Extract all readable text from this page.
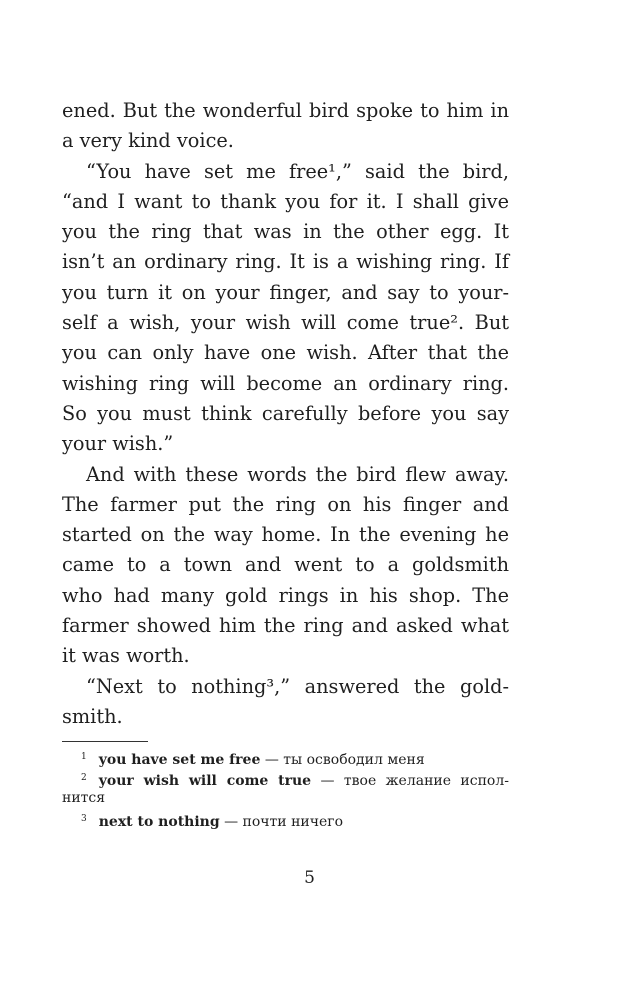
ened. But the wonderful bird spoke to him in
a very kind voice.
“You have set me free¹,” said the bird,
“and I want to thank you for it. I shall give
you the ring that was in the other egg. It
isn’t an ordinary ring. It is a wishing ring. If
you turn it on your finger, and say to your-
self a wish, your wish will come true². But
you can only have one wish. After that the
wishing ring will become an ordinary ring.
So you must think carefully before you say
your wish.”
And with these words the bird flew away.
The farmer put the ring on his finger and
started on the way home. In the evening he
came to a town and went to a goldsmith
who had many gold rings in his shop. The
farmer showed him the ring and asked what
it was worth.
“Next to nothing³,” answered the gold-
smith.
$^1$ you have set me free — ты освободил меня
$^2$ your wish will come true — твое желание испол-
нится
$^3$ next to nothing — почти ничего
5
